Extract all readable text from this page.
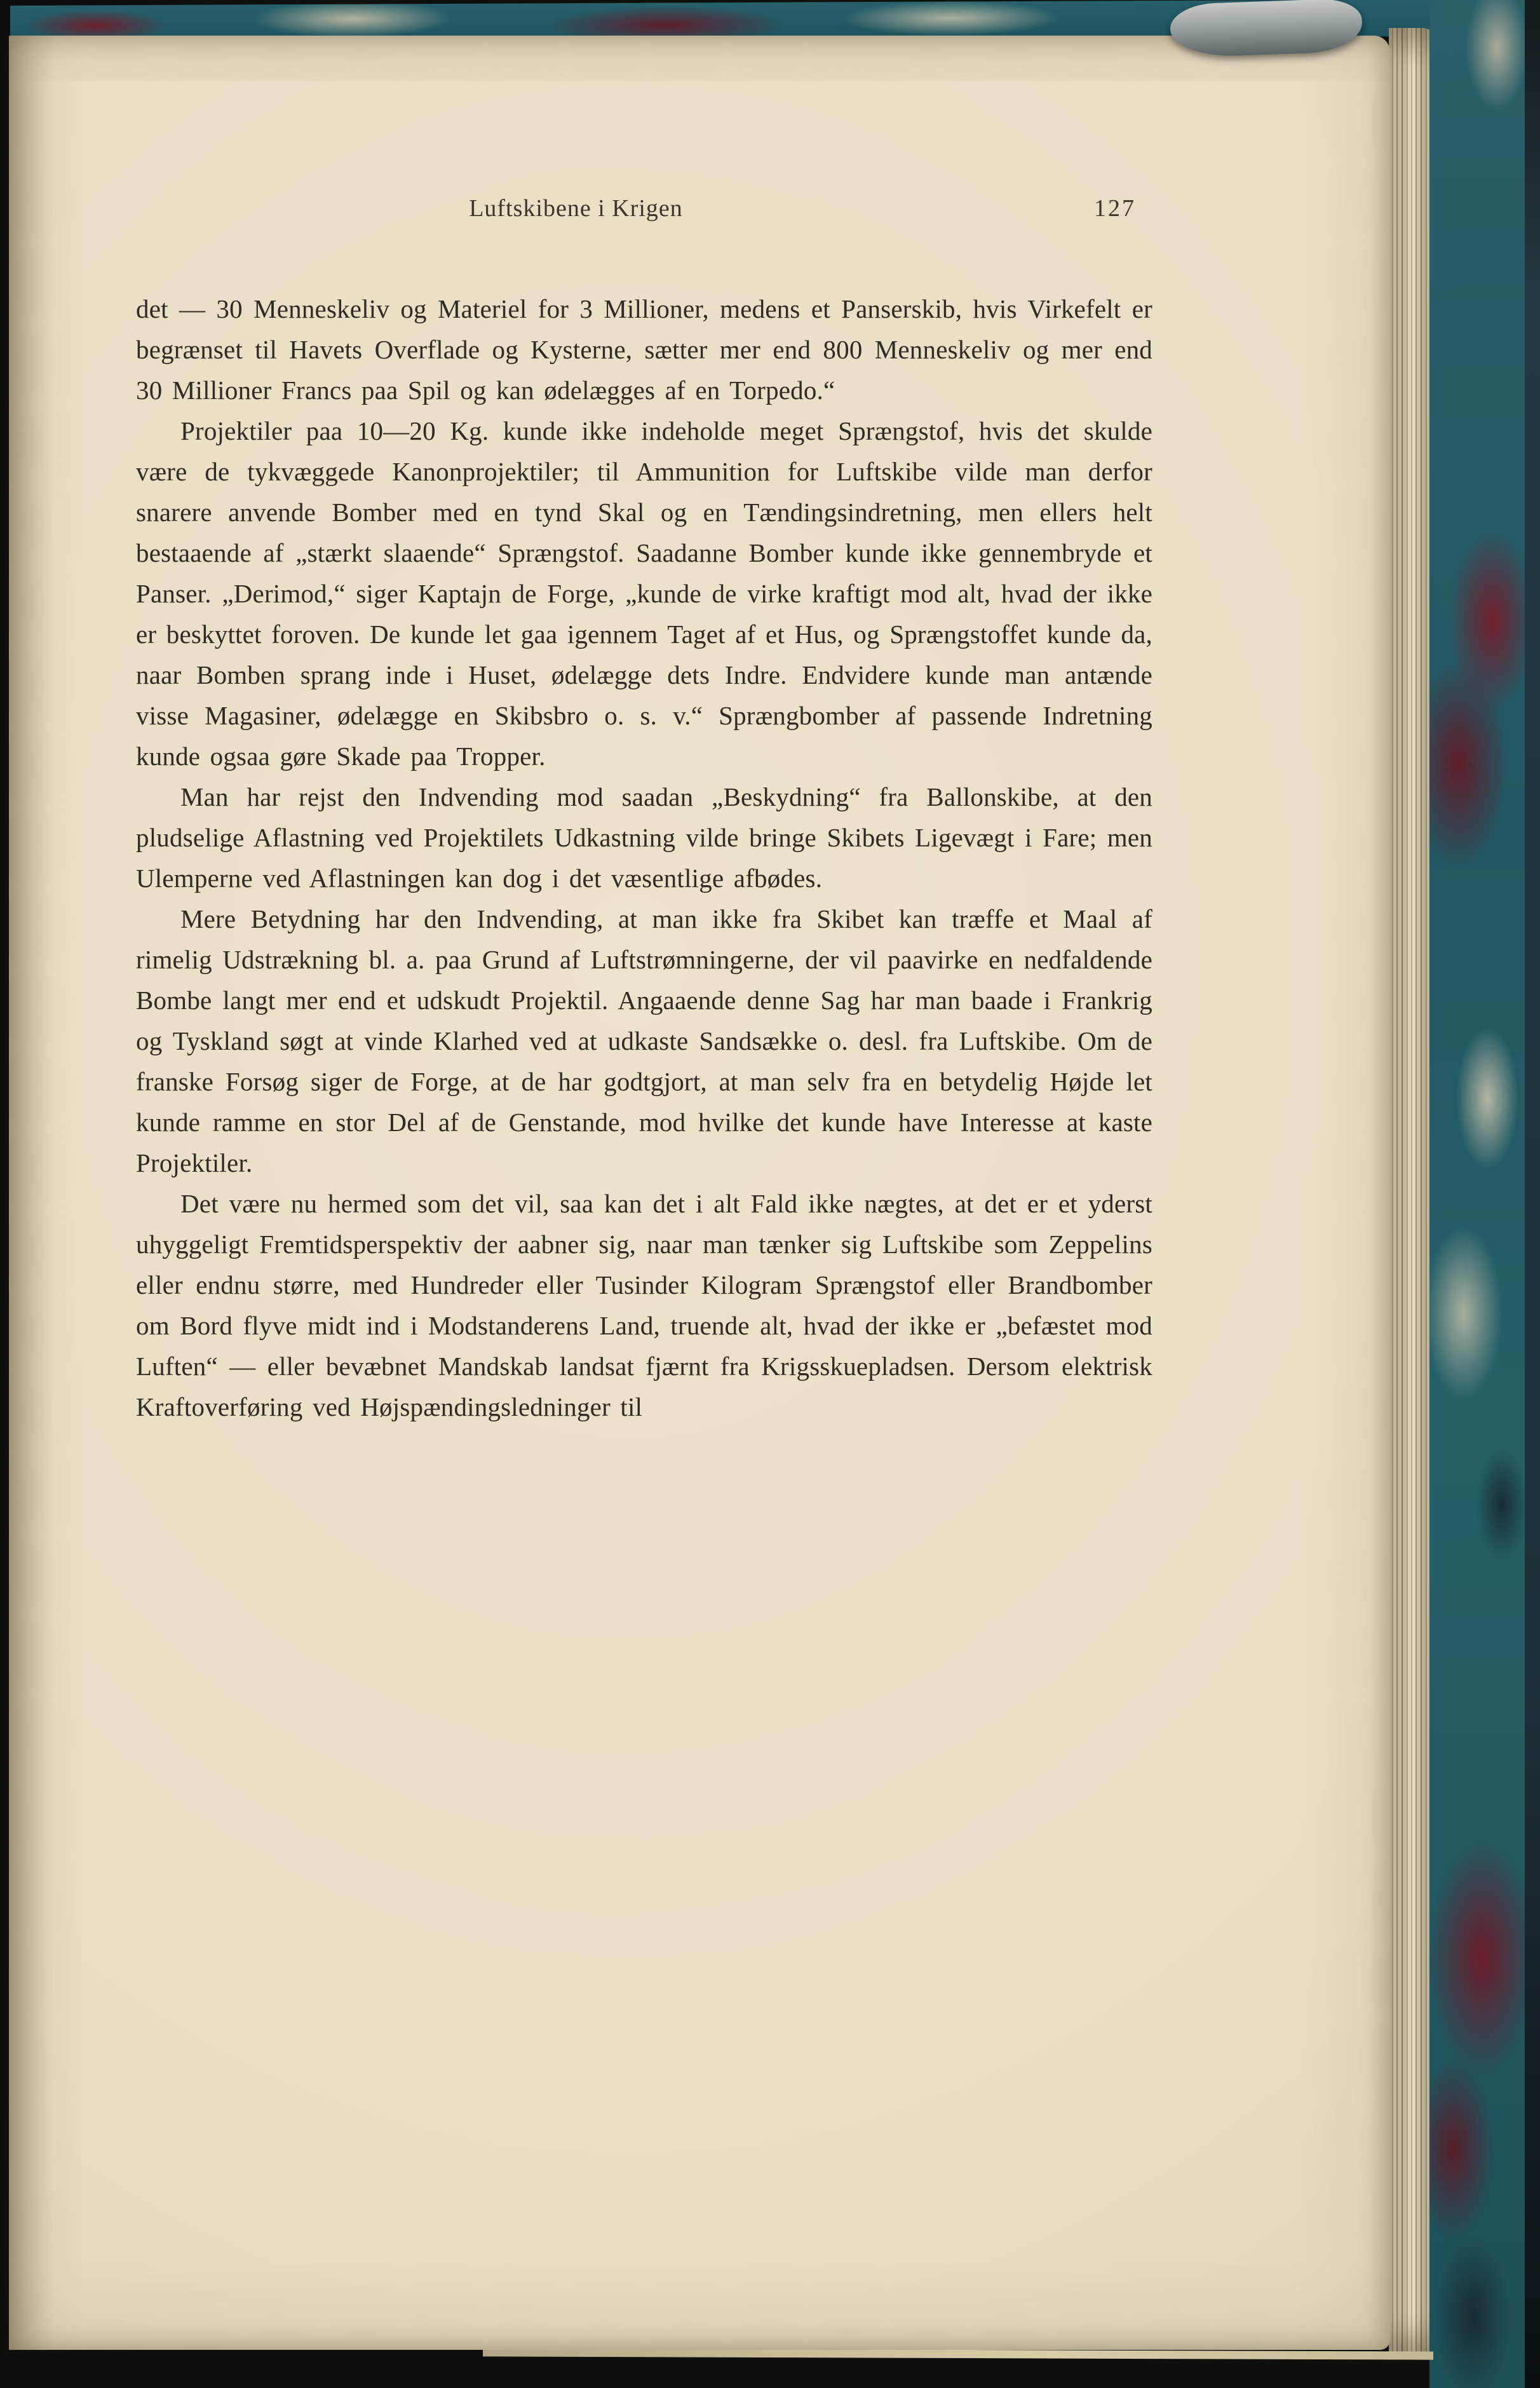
Luftskibene i Krigen	127

det — 30 Menneskeliv og Materiel for 3 Millioner, medens et Panserskib, hvis Virkefelt er begrænset til Havets Overflade og Kysterne, sætter mer end 800 Menneskeliv og mer end 30 Millioner Francs paa Spil og kan ødelægges af en Torpedo.“

Projektiler paa 10—20 Kg. kunde ikke indeholde meget Sprængstof, hvis det skulde være de tykvæggede Kanonprojektiler; til Ammunition for Luftskibe vilde man derfor snarere anvende Bomber med en tynd Skal og en Tændingsindretning, men ellers helt bestaaende af „stærkt slaaende“ Sprængstof. Saadanne Bomber kunde ikke gennembryde et Panser. „Derimod,“ siger Kaptajn de Forge, „kunde de virke kraftigt mod alt, hvad der ikke er beskyttet foroven. De kunde let gaa igennem Taget af et Hus, og Sprængstoffet kunde da, naar Bomben sprang inde i Huset, ødelægge dets Indre. Endvidere kunde man antænde visse Magasiner, ødelægge en Skibsbro o. s. v.“ Sprængbomber af passende Indretning kunde ogsaa gøre Skade paa Tropper.

Man har rejst den Indvending mod saadan „Beskydning“ fra Ballonskibe, at den pludselige Aflastning ved Projektilets Udkastning vilde bringe Skibets Ligevægt i Fare; men Ulemperne ved Aflastningen kan dog i det væsentlige afbødes.

Mere Betydning har den Indvending, at man ikke fra Skibet kan træffe et Maal af rimelig Udstrækning bl. a. paa Grund af Luftstrømningerne, der vil paavirke en nedfaldende Bombe langt mer end et udskudt Projektil. Angaaende denne Sag har man baade i Frankrig og Tyskland søgt at vinde Klarhed ved at udkaste Sandsække o. desl. fra Luftskibe. Om de franske Forsøg siger de Forge, at de har godtgjort, at man selv fra en betydelig Højde let kunde ramme en stor Del af de Genstande, mod hvilke det kunde have Interesse at kaste Projektiler.

Det være nu hermed som det vil, saa kan det i alt Fald ikke nægtes, at det er et yderst uhyggeligt Fremtidsperspektiv der aabner sig, naar man tænker sig Luftskibe som Zeppelins eller endnu større, med Hundreder eller Tusinder Kilogram Sprængstof eller Brandbomber om Bord flyve midt ind i Modstanderens Land, truende alt, hvad der ikke er „befæstet mod Luften“ — eller bevæbnet Mandskab landsat fjærnt fra Krigsskuepladsen. Dersom elektrisk Kraftoverføring ved Højspændingsledninger til
